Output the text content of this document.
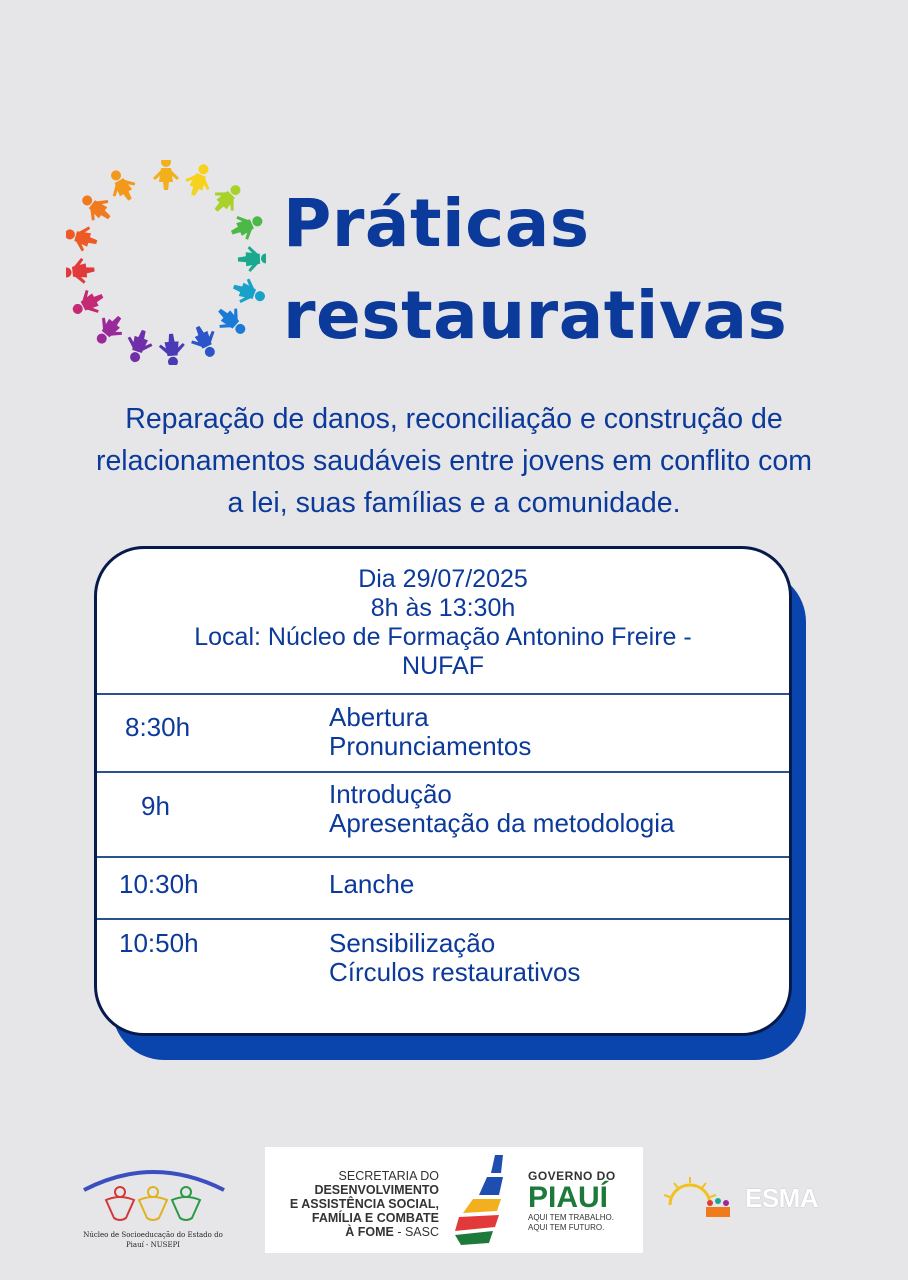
Práticas
restaurativas
Reparação de danos, reconciliação e construção de
relacionamentos saudáveis entre jovens em conflito com
a lei, suas famílias e a comunidade.
Dia 29/07/2025
8h às 13:30h
Local: Núcleo de Formação Antonino Freire -
NUFAF
8:30h	Abertura
Pronunciamentos
9h	Introdução
Apresentação da metodologia
10:30h	Lanche
10:50h	Sensibilização
Círculos restaurativos
Núcleo de Socioeducação do Estado do
Piauí - NUSEPI
SECRETARIA DO
DESENVOLVIMENTO
E ASSISTÊNCIA SOCIAL,
FAMÍLIA E COMBATE
À FOME - SASC
GOVERNO DO
PIAUÍ
AQUI TEM TRABALHO.
AQUI TEM FUTURO.
ESMA
